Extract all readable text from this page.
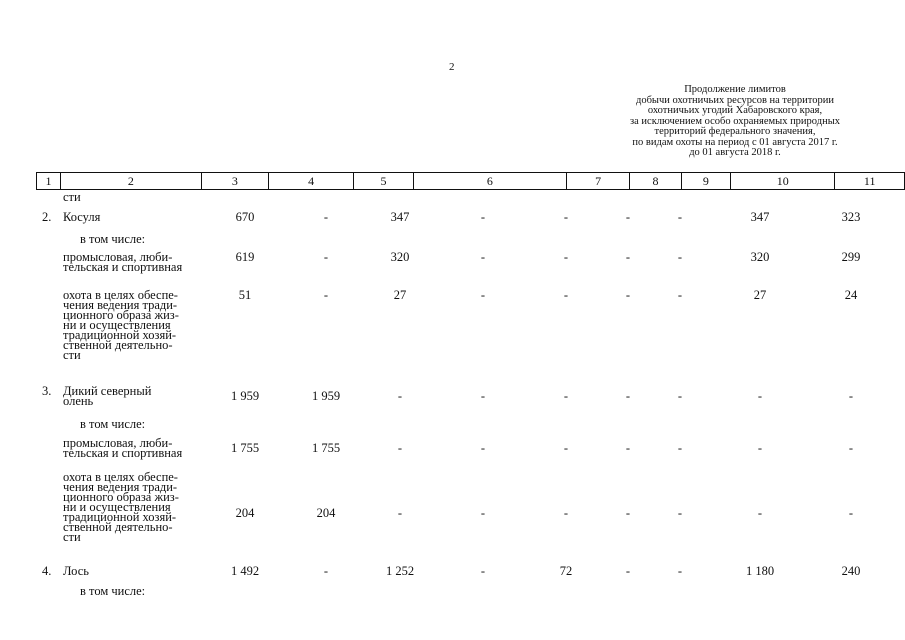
2
Продолжение лимитов
добычи охотничьих ресурсов на территории
охотничьих угодий Хабаровского края,
за исключением особо охраняемых природных
территорий федерального значения,
по видам охоты на период с 01 августа 2017 г.
до 01 августа 2018 г.
1	2	3	4	5	6	7	8	9	10	11
сти
2. Косуля	670	-	347	-	-	-	-	347	323
в том числе:
промысловая, люби-
тельская и спортивная
619	-	320	-	-	-	-	320	299
охота в целях обеспе-
чения ведения тради-
ционного образа жиз-
ни и осуществления
традиционной хозяй-
ственной деятельно-
сти
51	-	27	-	-	-	-	27	24
3. Дикий северный
олень	1 959	1 959	-	-	-	-	-	-	-
в том числе:
промысловая, люби-
тельская и спортивная	1 755	1 755	-	-	-	-	-	-	-
охота в целях обеспе-
чения ведения тради-
ционного образа жиз-
ни и осуществления
традиционной хозяй-
ственной деятельно-
сти
204	204	-	-	-	-	-	-	-
4. Лось	1 492	-	1 252	-	72	-	-	1 180	240
в том числе:
